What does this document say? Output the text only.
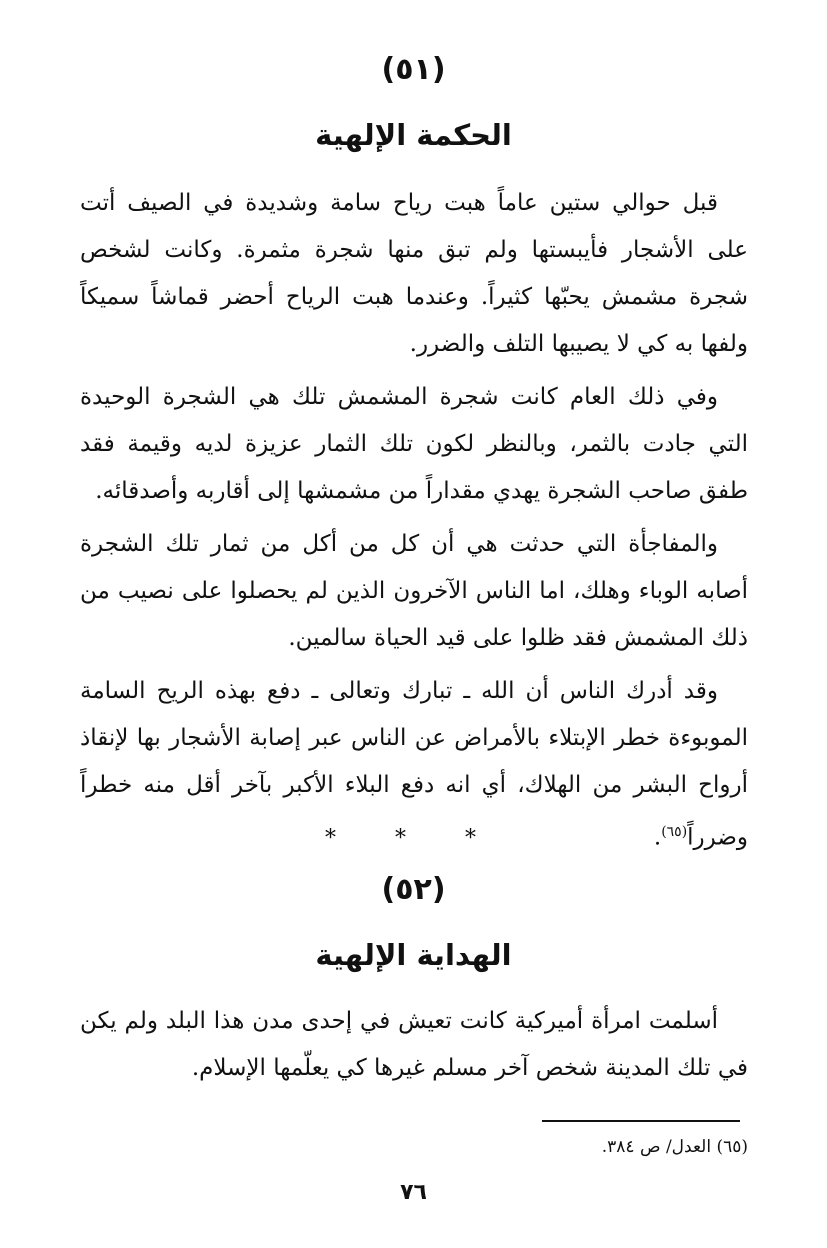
(٥١)
الحكمة الإلهية

قبل حوالي ستين عاماً هبت رياح سامة وشديدة في الصيف أتت على الأشجار فأيبستها ولم تبق منها شجرة مثمرة. وكانت لشخص شجرة مشمش يحبّها كثيراً. وعندما هبت الرياح أحضر قماشاً سميكاً ولفها به كي لا يصيبها التلف والضرر.

وفي ذلك العام كانت شجرة المشمش تلك هي الشجرة الوحيدة التي جادت بالثمر، وبالنظر لكون تلك الثمار عزيزة لديه وقيمة فقد طفق صاحب الشجرة يهدي مقداراً من مشمشها إلى أقاربه وأصدقائه.

والمفاجأة التي حدثت هي أن كل من أكل من ثمار تلك الشجرة أصابه الوباء وهلك، اما الناس الآخرون الذين لم يحصلوا على نصيب من ذلك المشمش فقد ظلوا على قيد الحياة سالمين.

وقد أدرك الناس أن الله ـ تبارك وتعالى ـ دفع بهذه الريح السامة الموبوءة خطر الإبتلاء بالأمراض عن الناس عبر إصابة الأشجار بها لإنقاذ أرواح البشر من الهلاك، أي انه دفع البلاء الأكبر بآخر أقل منه خطراً وضرراً$^{(٦٥)}$.

* * *
(٥٢)
الهداية الإلهية

أسلمت امرأة أميركية كانت تعيش في إحدى مدن هذا البلد ولم يكن في تلك المدينة شخص آخر مسلم غيرها كي يعلّمها الإسلام.

(٦٥) العدل/ ص ٣٨٤.
٧٦
